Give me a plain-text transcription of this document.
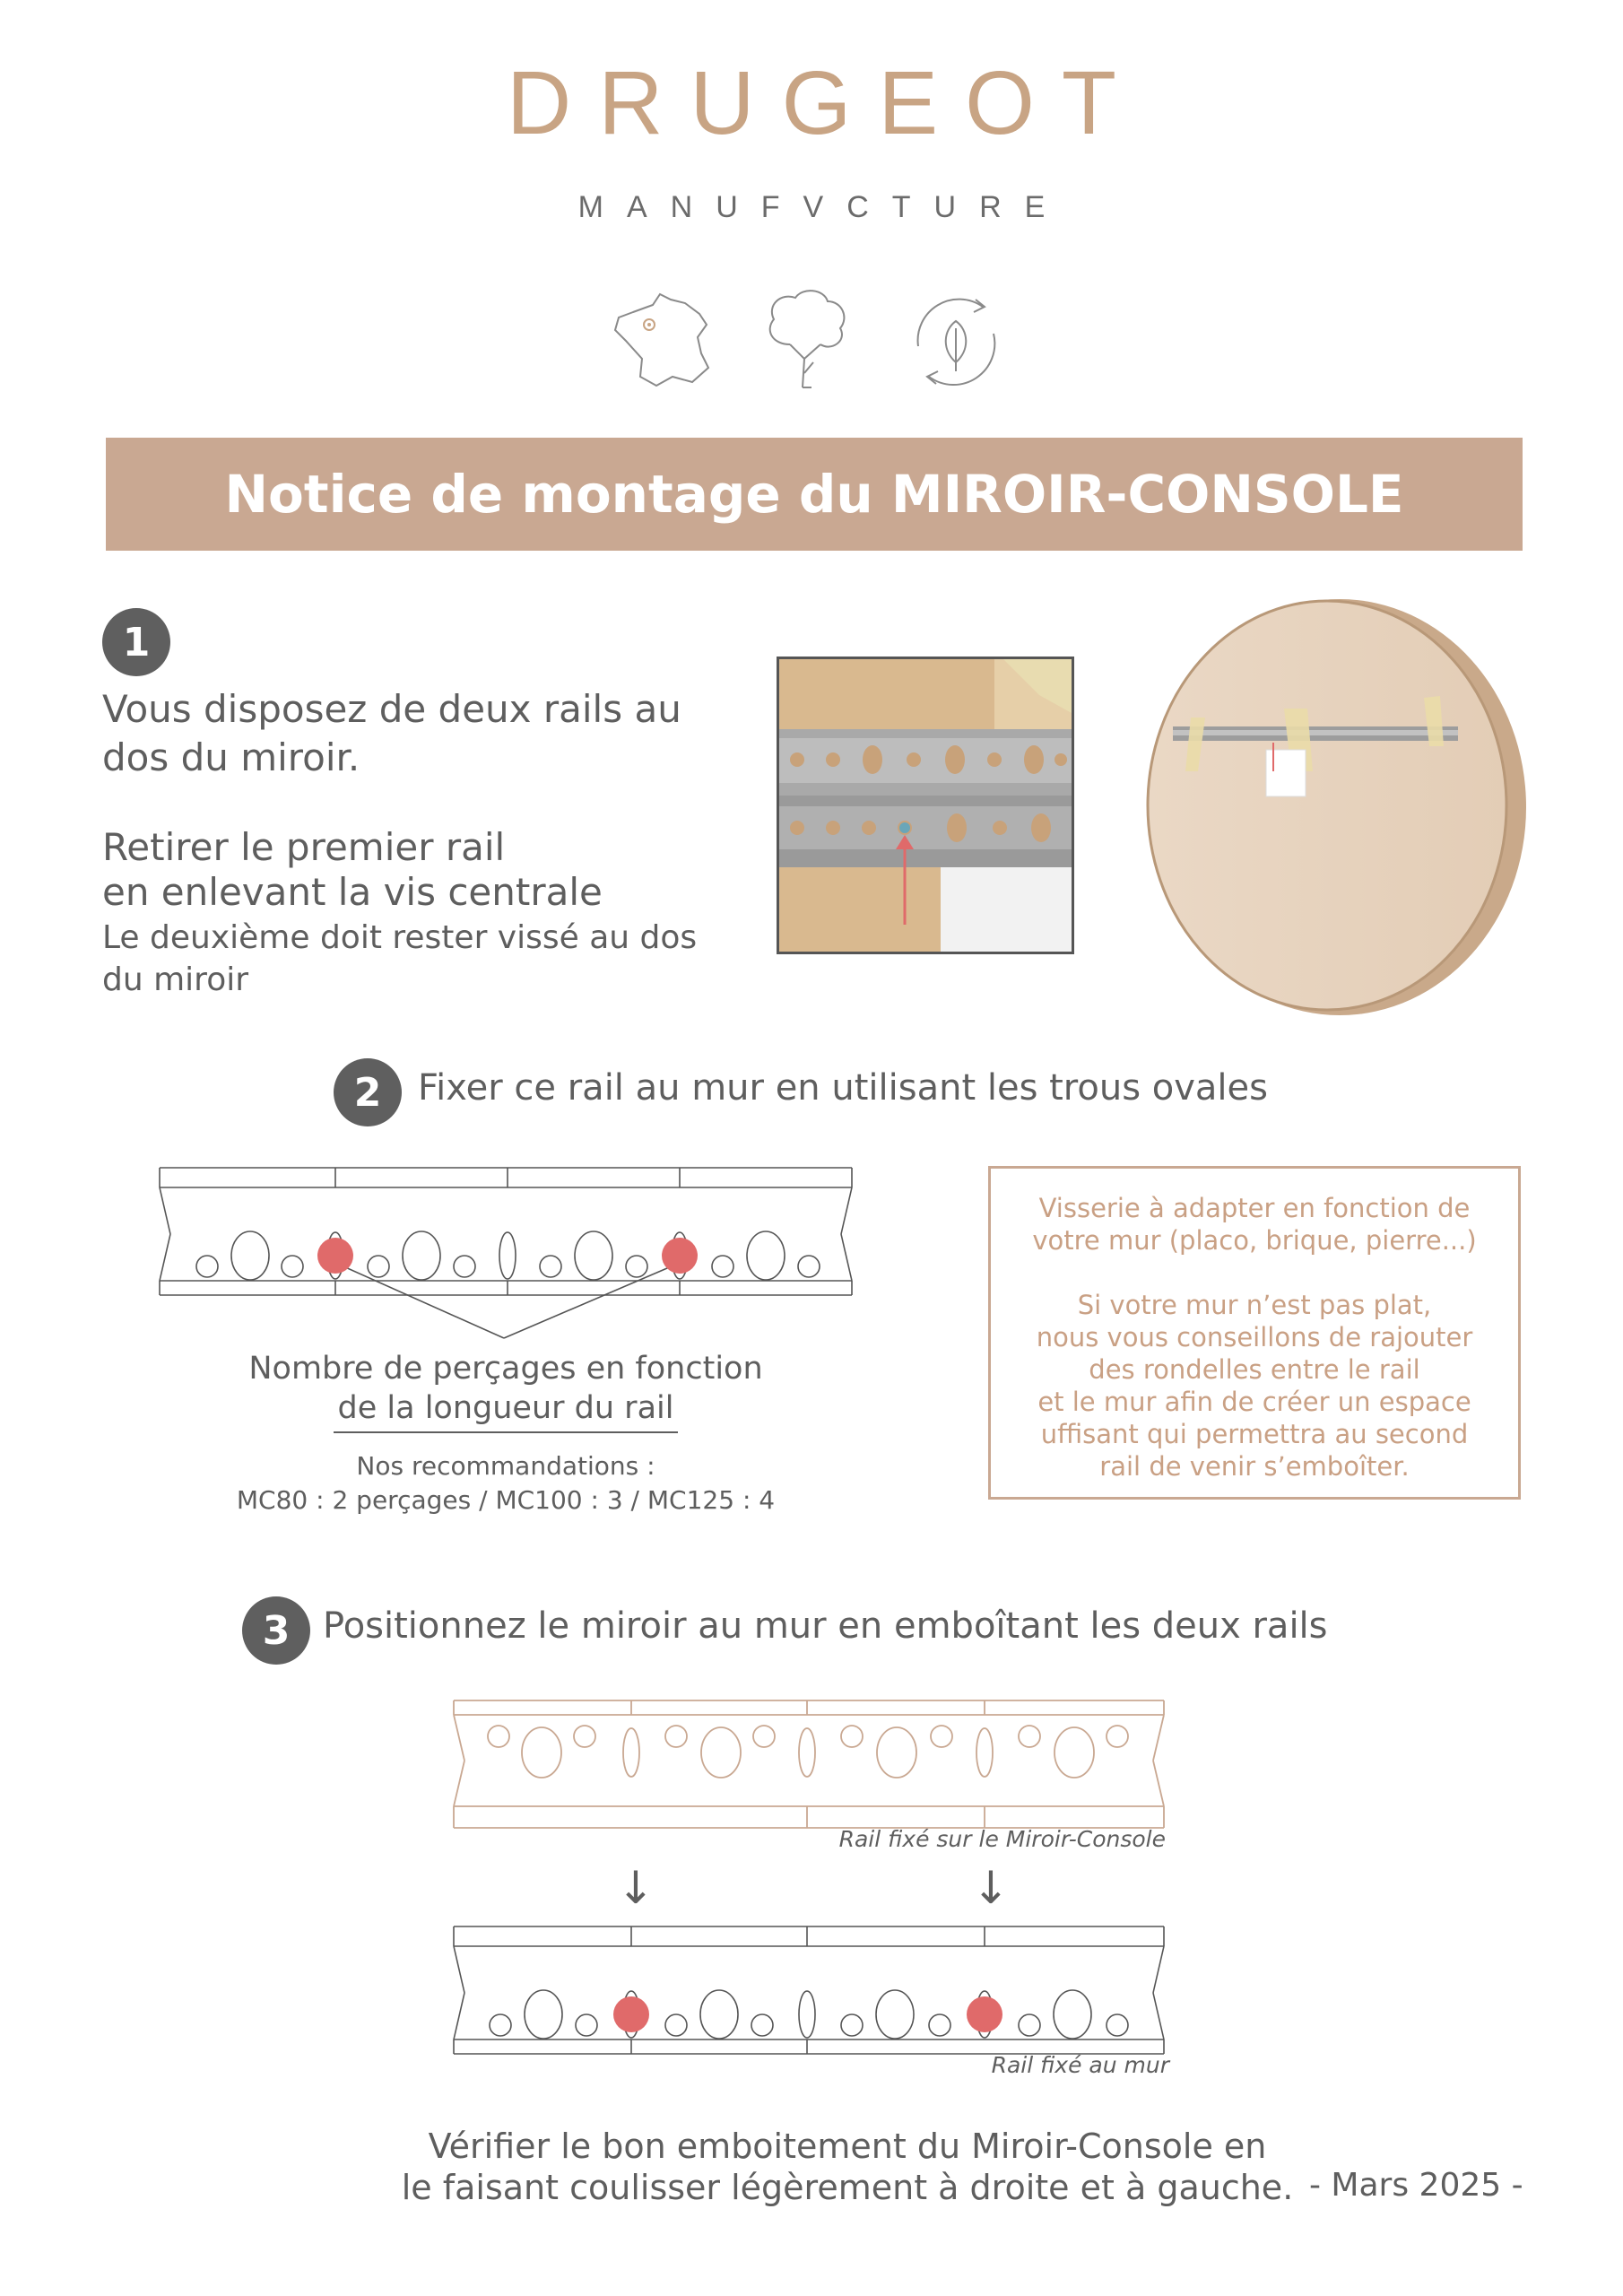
DRUGEOT
MANUFVCTURE
Notice de montage du MIROIR-CONSOLE
1
Vous disposez de deux rails au
dos du miroir.
Retirer le premier rail
en enlevant la vis centrale
Le deuxième doit rester vissé au dos
du miroir
2 Fixer ce rail au mur en utilisant les trous ovales
Nombre de perçages en fonction
de la longueur du rail
Nos recommandations :
MC80 : 2 perçages / MC100 : 3 / MC125 : 4

Visserie à adapter en fonction de

votre mur (placo, brique, pierre...)

Si votre mur n’est pas plat,

nous vous conseillons de rajouter

des rondelles entre le rail

et le mur afin de créer un espace

uffisant qui permettra au second

rail de venir s’emboîter.

3 Positionnez le miroir au mur en emboîtant les deux rails
Rail fixé sur le Miroir-Console
↓	↓
Rail fixé au mur
Vérifier le bon emboitement du Miroir-Console en
le faisant coulisser légèrement à droite et à gauche. - Mars 2025 -
